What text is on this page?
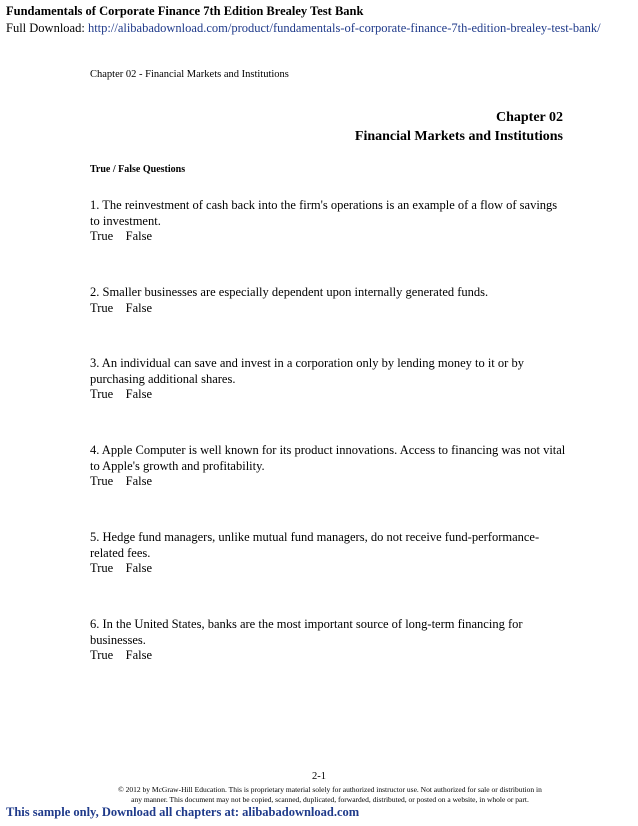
Fundamentals of Corporate Finance 7th Edition Brealey Test Bank
Full Download: http://alibabadownload.com/product/fundamentals-of-corporate-finance-7th-edition-brealey-test-bank/
Chapter 02 - Financial Markets and Institutions
Chapter 02
Financial Markets and Institutions
True / False Questions
1. The reinvestment of cash back into the firm's operations is an example of a flow of savings to investment.
True    False
2. Smaller businesses are especially dependent upon internally generated funds.
True    False
3. An individual can save and invest in a corporation only by lending money to it or by purchasing additional shares.
True    False
4. Apple Computer is well known for its product innovations. Access to financing was not vital to Apple's growth and profitability.
True    False
5. Hedge fund managers, unlike mutual fund managers, do not receive fund-performance-related fees.
True    False
6. In the United States, banks are the most important source of long-term financing for businesses.
True    False
2-1
© 2012 by McGraw-Hill Education. This is proprietary material solely for authorized instructor use. Not authorized for sale or distribution in
any manner. This document may not be copied, scanned, duplicated, forwarded, distributed, or posted on a website, in whole or part.
This sample only, Download all chapters at: alibabadownload.com
